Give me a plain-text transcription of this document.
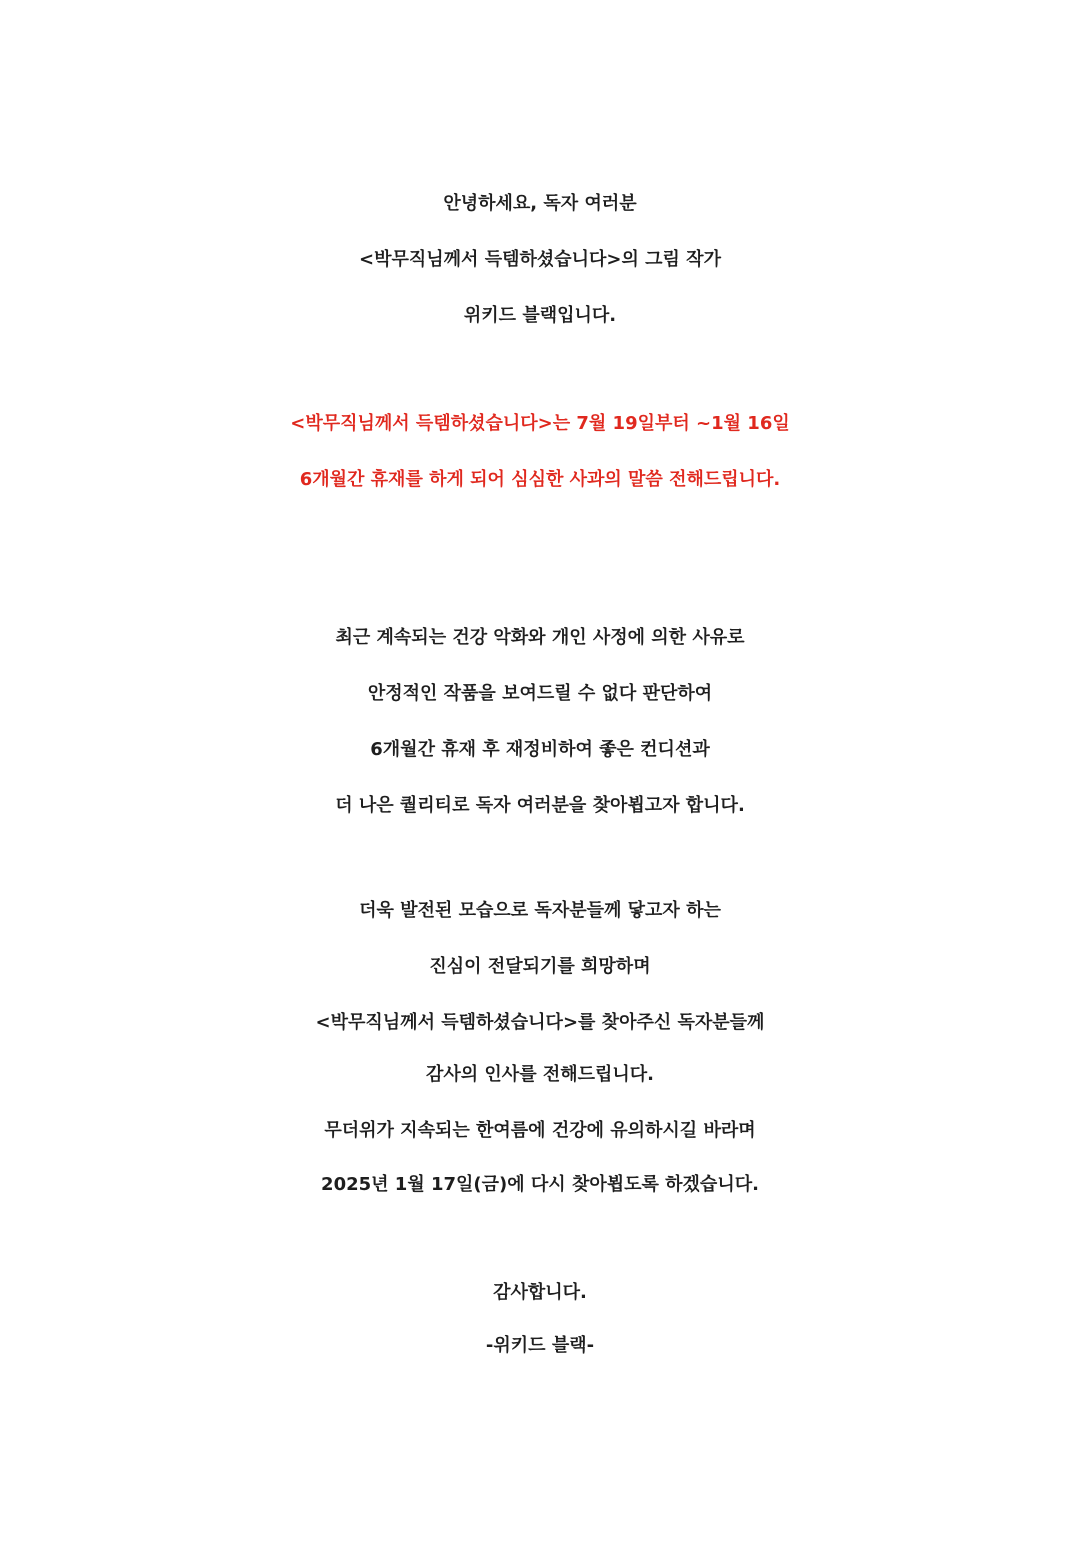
안녕하세요, 독자 여러분
<박무직님께서 득템하셨습니다>의 그림 작가
위키드 블랙입니다.
<박무직님께서 득템하셨습니다>는 7월 19일부터 ~1월 16일
6개월간 휴재를 하게 되어 심심한 사과의 말씀 전해드립니다.
최근 계속되는 건강 악화와 개인 사정에 의한 사유로
안정적인 작품을 보여드릴 수 없다 판단하여
6개월간 휴재 후 재정비하여 좋은 컨디션과
더 나은 퀄리티로 독자 여러분을 찾아뵙고자 합니다.
더욱 발전된 모습으로 독자분들께 닿고자 하는
진심이 전달되기를 희망하며
<박무직님께서 득템하셨습니다>를 찾아주신 독자분들께
감사의 인사를 전해드립니다.
무더위가 지속되는 한여름에 건강에 유의하시길 바라며
2025년 1월 17일(금)에 다시 찾아뵙도록 하겠습니다.
감사합니다.
-위키드 블랙-
